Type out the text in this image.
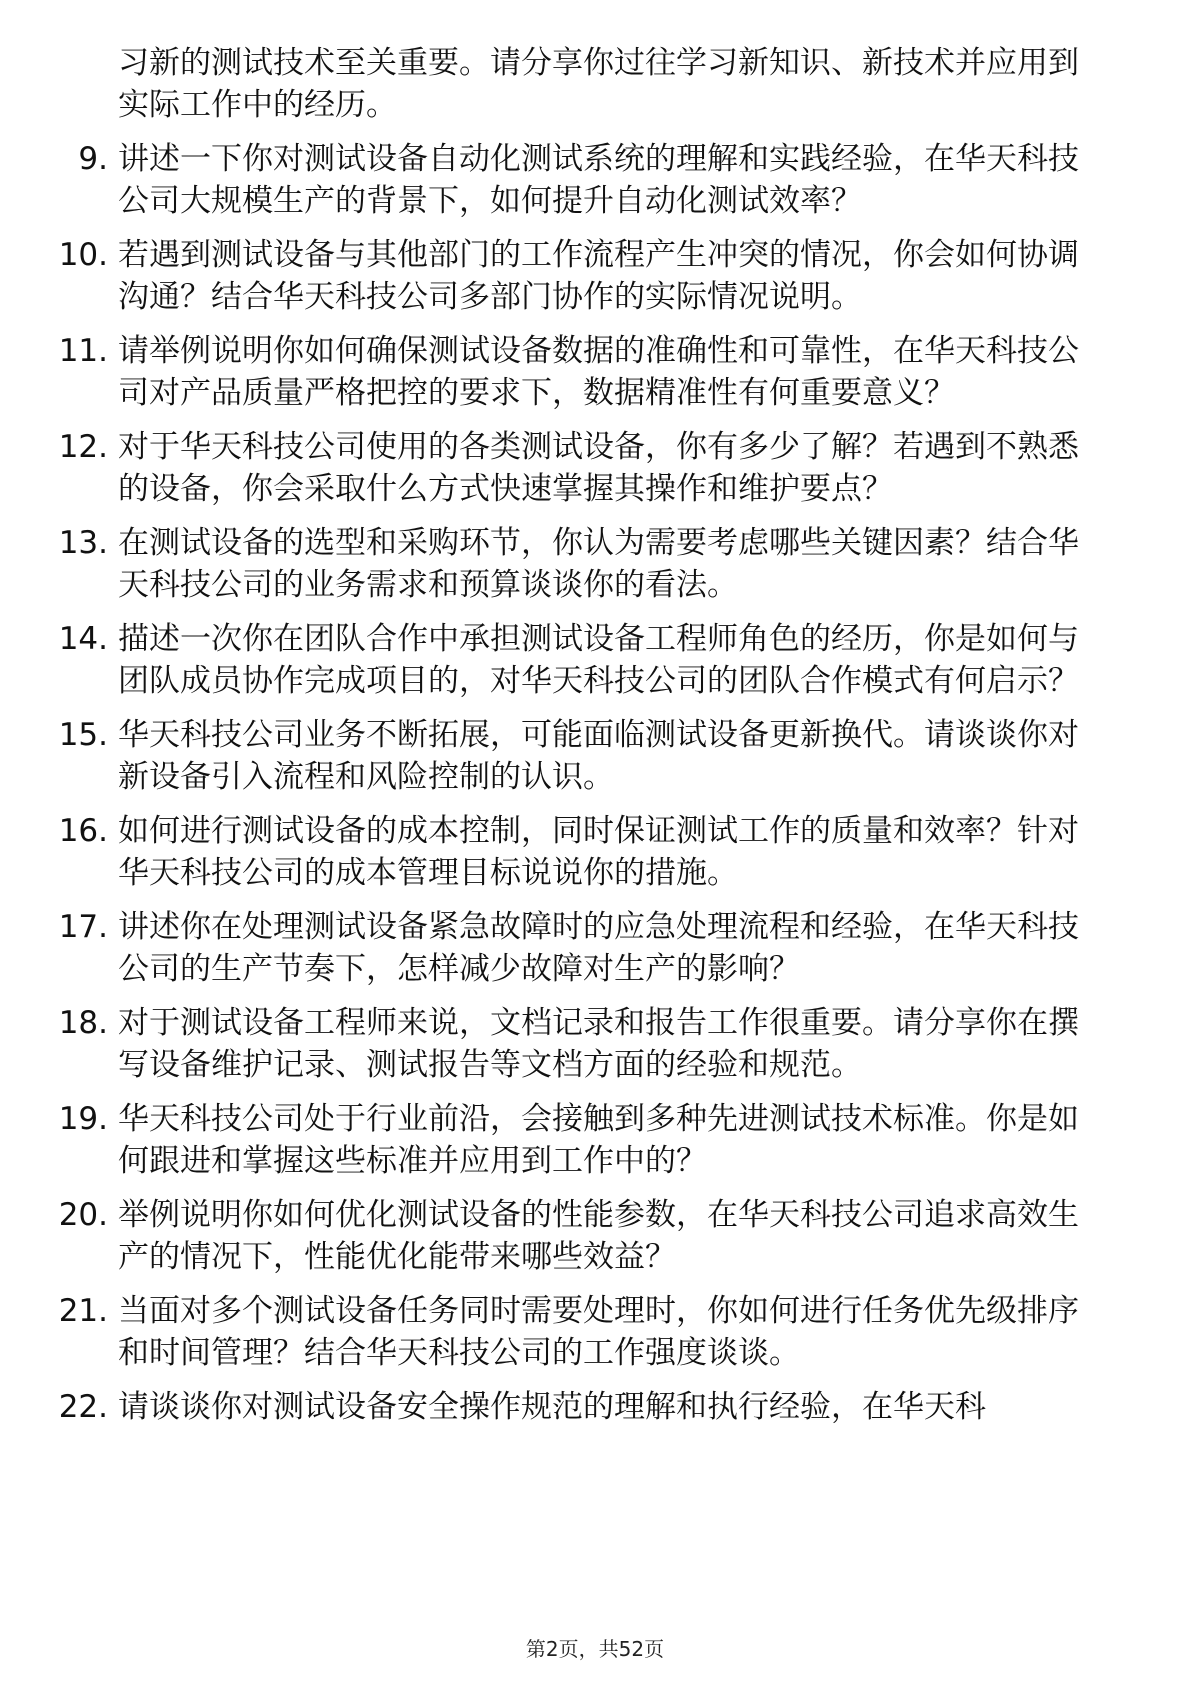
习新的测试技术至关重要。请分享你过往学习新知识、新技术并应用到实际工作中的经历。
9. 讲述一下你对测试设备自动化测试系统的理解和实践经验，在华天科技公司大规模生产的背景下，如何提升自动化测试效率？
10. 若遇到测试设备与其他部门的工作流程产生冲突的情况，你会如何协调沟通？结合华天科技公司多部门协作的实际情况说明。
11. 请举例说明你如何确保测试设备数据的准确性和可靠性，在华天科技公司对产品质量严格把控的要求下，数据精准性有何重要意义？
12. 对于华天科技公司使用的各类测试设备，你有多少了解？若遇到不熟悉的设备，你会采取什么方式快速掌握其操作和维护要点？
13. 在测试设备的选型和采购环节，你认为需要考虑哪些关键因素？结合华天科技公司的业务需求和预算谈谈你的看法。
14. 描述一次你在团队合作中承担测试设备工程师角色的经历，你是如何与团队成员协作完成项目的，对华天科技公司的团队合作模式有何启示？
15. 华天科技公司业务不断拓展，可能面临测试设备更新换代。请谈谈你对新设备引入流程和风险控制的认识。
16. 如何进行测试设备的成本控制，同时保证测试工作的质量和效率？针对华天科技公司的成本管理目标说说你的措施。
17. 讲述你在处理测试设备紧急故障时的应急处理流程和经验，在华天科技公司的生产节奏下，怎样减少故障对生产的影响？
18. 对于测试设备工程师来说，文档记录和报告工作很重要。请分享你在撰写设备维护记录、测试报告等文档方面的经验和规范。
19. 华天科技公司处于行业前沿，会接触到多种先进测试技术标准。你是如何跟进和掌握这些标准并应用到工作中的？
20. 举例说明你如何优化测试设备的性能参数，在华天科技公司追求高效生产的情况下，性能优化能带来哪些效益？
21. 当面对多个测试设备任务同时需要处理时，你如何进行任务优先级排序和时间管理？结合华天科技公司的工作强度谈谈。
22. 请谈谈你对测试设备安全操作规范的理解和执行经验，在华天科
第2页，共52页
